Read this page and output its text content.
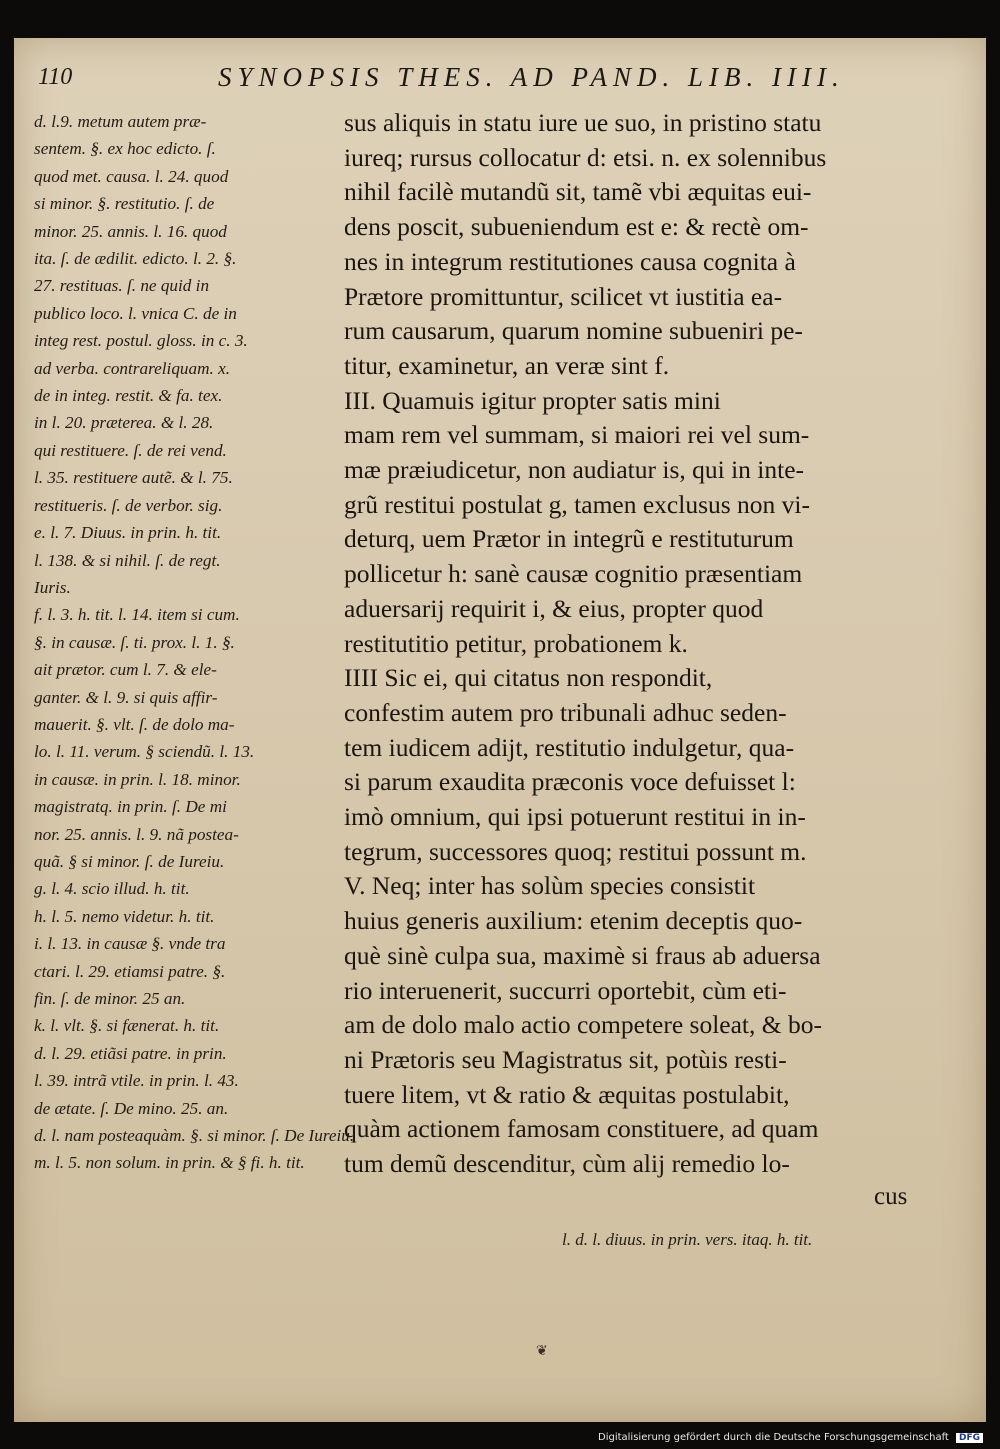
110	SYNOPSIS THES. AD PAND. LIB. IIII.
d. l.9. metum autem præ-
sentem. §. ex hoc edicto. ſ.
quod met. causa. l. 24. quod
si minor. §. restitutio. ſ. de
minor. 25. annis. l. 16. quod
ita. ſ. de ædilit. edicto. l. 2. §.
27. restituas. ſ. ne quid in
publico loco. l. vnica C. de in
integ rest. postul. gloss. in c. 3.
ad verba. contrareliquam. x.
de in integ. restit. & fa. tex.
in l. 20. præterea. & l. 28.
qui restituere. ſ. de rei vend.
l. 35. restituere autẽ. & l. 75.
restitueris. ſ. de verbor. sig.
e. l. 7. Diuus. in prin. h. tit.
l. 138. & si nihil. ſ. de regt.
Iuris.
f. l. 3. h. tit. l. 14. item si cum.
§. in causæ. ſ. ti. prox. l. 1. §.
ait prætor. cum l. 7. & ele-
ganter. & l. 9. si quis affir-
mauerit. §. vlt. ſ. de dolo ma-
lo. l. 11. verum. § sciendũ. l. 13.
in causæ. in prin. l. 18. minor.
magistratq. in prin. ſ. De mi
nor. 25. annis. l. 9. nã postea-
quã. § si minor. ſ. de Iureiu.
g. l. 4. scio illud. h. tit.
h. l. 5. nemo videtur. h. tit.
i. l. 13. in causæ §. vnde tra
ctari. l. 29. etiamsi patre. §.
fin. ſ. de minor. 25 an.
k. l. vlt. §. si fænerat. h. tit.
d. l. 29. etiãsi patre. in prin.
l. 39. intrã vtile. in prin. l. 43.
de ætate. ſ. De mino. 25. an.
d. l. nam posteaquàm. §. si minor. ſ. De Iureiu.
m. l. 5. non solum. in prin. & § fi. h. tit.
sus aliquis in statu iure ue suo, in pristino statu
iureq; rursus collocatur d: etsi. n. ex solennibus
nihil facilè mutandũ sit, tamẽ vbi æquitas eui-
dens poscit, subueniendum est e: & rectè om-
nes in integrum restitutiones causa cognita à
Prætore promittuntur, scilicet vt iustitia ea-
rum causarum, quarum nomine subueniri pe-
titur, examinetur, an veræ sint f.
III. Quamuis igitur propter satis mini
mam rem vel summam, si maiori rei vel sum-
mæ præiudicetur, non audiatur is, qui in inte-
grũ restitui postulat g, tamen exclusus non vi-
deturq, uem Prætor in integrũ e restituturum
pollicetur h: sanè causæ cognitio præsentiam
aduersarij requirit i, & eius, propter quod
restitutitio petitur, probationem k.
IIII Sic ei, qui citatus non respondit,
confestim autem pro tribunali adhuc seden-
tem iudicem adijt, restitutio indulgetur, qua-
si parum exaudita præconis voce defuisset l:
imò omnium, qui ipsi potuerunt restitui in in-
tegrum, successores quoq; restitui possunt m.
V. Neq; inter has solùm species consistit
huius generis auxilium: etenim deceptis quo-
què sinè culpa sua, maximè si fraus ab aduersa
rio interuenerit, succurri oportebit, cùm eti-
am de dolo malo actio competere soleat, & bo-
ni Prætoris seu Magistratus sit, potùis resti-
tuere litem, vt & ratio & æquitas postulabit,
quàm actionem famosam constituere, ad quam
tum demũ descenditur, cùm alij remedio lo-
cus
l. d. l. diuus. in prin. vers. itaq. h. tit.
❦
Digitalisierung gefördert durch die Deutsche Forschungsgemeinschaft DFG
